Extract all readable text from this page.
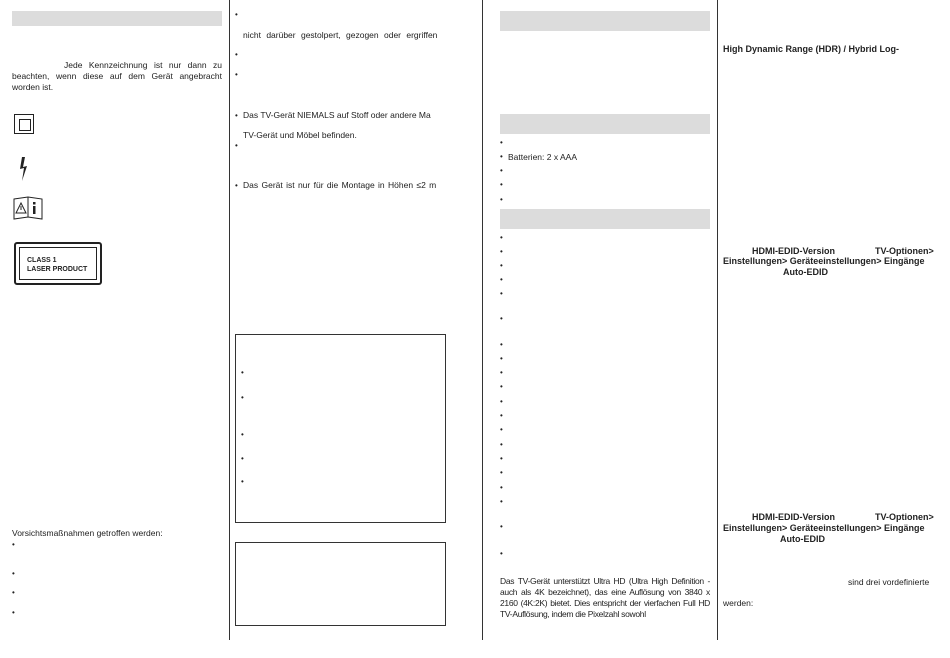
Jede Kennzeichnung ist nur dann zu beachten, wenn diese auf dem Gerät angebracht worden ist.
CLASS 1
LASER PRODUCT
Vorsichtsmaßnahmen getroffen werden:
•
•
•
•
•
nicht darüber gestolpert, gezogen oder ergriffen
•
•
• Das TV-Gerät NIEMALS auf Stoff oder andere Ma
TV-Gerät und Möbel befinden.
•
• Das Gerät ist nur für die Montage in Höhen ≤2 m
•
•
•
•
•
•
• Batterien: 2 x AAA
•
•
•
•
•
•
•
•
•
•
•
•
•
•
•
•
•
•
•
•
•
•
•
Das TV-Gerät unterstützt Ultra HD (Ultra High Definition - auch als 4K bezeichnet), das eine Auflösung von 3840 x 2160 (4K:2K) bietet. Dies entspricht der vierfachen Full HD TV-Auflösung, indem die Pixelzahl sowohl
High Dynamic Range (HDR) / Hybrid Log-
HDMI-EDID-Version	TV-Optionen>
Einstellungen> Geräteeinstellungen> Eingänge
Auto-EDID
HDMI-EDID-Version	TV-Optionen>
Einstellungen> Geräteeinstellungen> Eingänge
Auto-EDID
sind drei vordefinierte
werden:
